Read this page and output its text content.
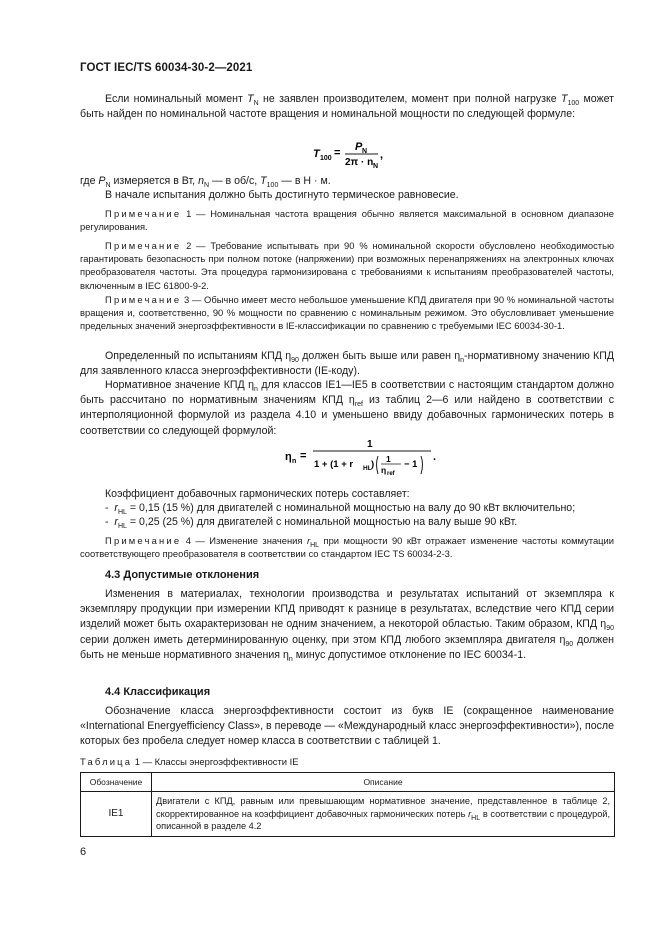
ГОСТ IEC/TS 60034-30-2—2021
Если номинальный момент $T_N$ не заявлен производителем, момент при полной нагрузке $T_{100}$ может быть найден по номинальной частоте вращения и номинальной мощности по следующей формуле:
T 100 = P N
2π · n N
,
где $P_N$ измеряется в Вт, $n_N$ — в об/с, $T_{100}$ — в Н · м.
В начале испытания должно быть достигнуто термическое равновесие.
Примечание 1 — Номинальная частота вращения обычно является максимальной в основном диапазоне регулирования.
Примечание 2 — Требование испытывать при 90 % номинальной скорости обусловлено необходимостью гарантировать безопасность при полном потоке (напряжении) при возможных перенапряжениях на электронных ключах преобразователя частоты. Эта процедура гармонизирована с требованиями к испытаниям преобразователей частоты, включенным в IEC 61800-9-2.
Примечание 3 — Обычно имеет место небольшое уменьшение КПД двигателя при 90 % номинальной частоты вращения и, соответственно, 90 % мощности по сравнению с номинальным режимом. Это обусловливает уменьшение предельных значений энергоэффективности в IE-классификации по сравнению с требуемыми IEC 60034-30-1.
Определенный по испытаниям КПД $\eta_{90}$ должен быть выше или равен $\eta_n$-нормативному значению КПД для заявленного класса энергоэффективности (IE-коду).
Нормативное значение КПД $\eta_n$ для классов IE1—IE5 в соответствии с настоящим стандартом должно быть рассчитано по нормативным значениям КПД $\eta_{ref}$ из таблиц 2—6 или найдено в соответствии с интерполяционной формулой из раздела 4.10 и уменьшено ввиду добавочных гармонических потерь в соответствии со следующей формулой:
η n =
1
1 + (1 + r HL ) 1
η ref
− 1
.
Коэффициент добавочных гармонических потерь составляет:
-  $r_{HL} = 0,15$ (15 %) для двигателей с номинальной мощностью на валу до 90 кВт включительно;
-  $r_{HL} = 0,25$ (25 %) для двигателей с номинальной мощностью на валу выше 90 кВт.
Примечание 4 — Изменение значения $r_{HL}$ при мощности 90 кВт отражает изменение частоты коммутации соответствующего преобразователя в соответствии со стандартом IEC TS 60034-2-3.
4.3 Допустимые отклонения
Изменения в материалах, технологии производства и результатах испытаний от экземпляра к экземпляру продукции при измерении КПД приводят к разнице в результатах, вследствие чего КПД серии изделий может быть охарактеризован не одним значением, а некоторой областью. Таким образом, КПД $\eta_{90}$ серии должен иметь детерминированную оценку, при этом КПД любого экземпляра двигателя $\eta_{90}$ должен быть не меньше нормативного значения $\eta_n$ минус допустимое отклонение по IEC 60034-1.
4.4 Классификация
Обозначение класса энергоэффективности состоит из букв IE (сокращенное наименование «International Energyefficiency Class», в переводе — «Международный класс энергоэффективности»), после которых без пробела следует номер класса в соответствии с таблицей 1.
Таблица 1 — Классы энергоэффективности IE
Обозначение	Описание
IE1	Двигатели с КПД, равным или превышающим нормативное значение, представленное в таблице 2, скорректированное на коэффициент добавочных гармонических потерь $r_{HL}$ в соответствии с процедурой, описанной в разделе 4.2
6
